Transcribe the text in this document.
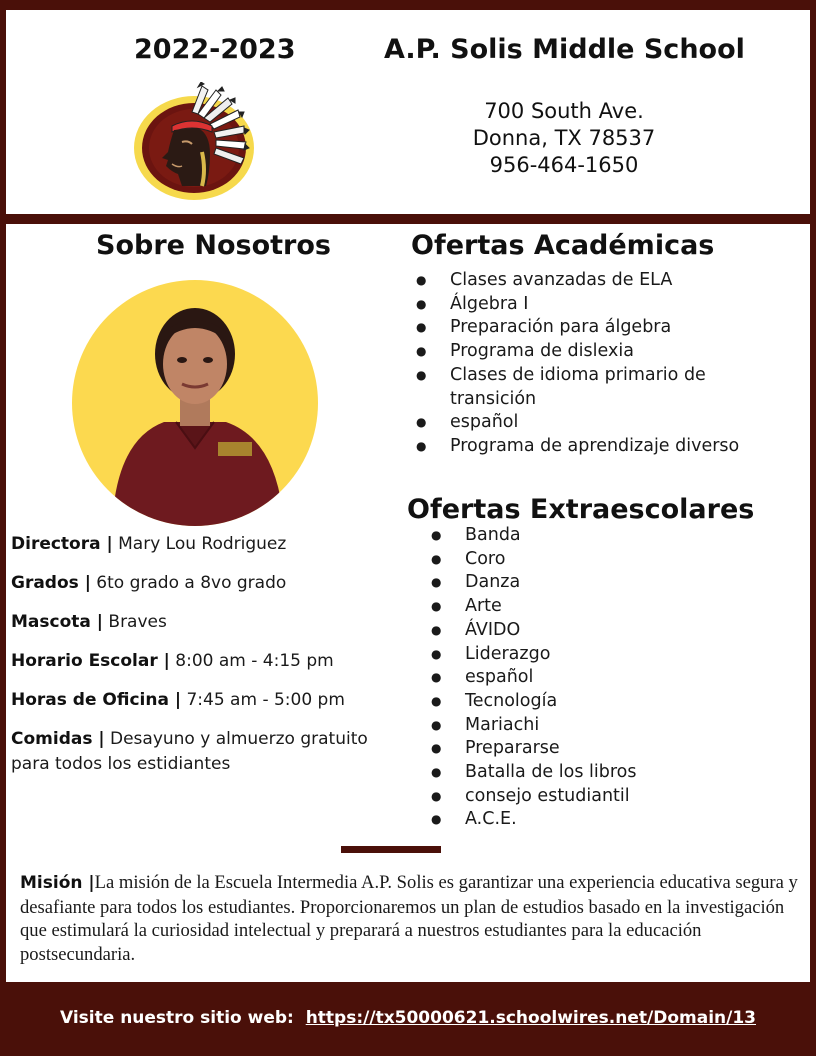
2022-2023	A.P. Solis Middle School
700 South Ave.
Donna, TX 78537
956-464-1650
Sobre Nosotros	Ofertas Académicas
● Clases avanzadas de ELA
● Álgebra I
● Preparación para álgebra
● Programa de dislexia
● Clases de idioma primario de transición
● español
● Programa de aprendizaje diverso
Ofertas Extraescolares
● Banda
● Coro
● Danza
● Arte
● ÁVIDO
● Liderazgo
● español
● Tecnología
● Mariachi
● Prepararse
● Batalla de los libros
● consejo estudiantil
● A.C.E.
Directora | Mary Lou Rodriguez
Grados | 6to grado a 8vo grado
Mascota | Braves
Horario Escolar | 8:00 am - 4:15 pm
Horas de Oficina | 7:45 am - 5:00 pm
Comidas | Desayuno y almuerzo gratuito para todos los estidiantes
Misión |La misión de la Escuela Intermedia A.P. Solis es garantizar una experiencia educativa segura y desafiante para todos los estudiantes. Proporcionaremos un plan de estudios basado en la investigación que estimulará la curiosidad intelectual y preparará a nuestros estudiantes para la educación postsecundaria.
Visite nuestro sitio web: https://tx50000621.schoolwires.net/Domain/13
